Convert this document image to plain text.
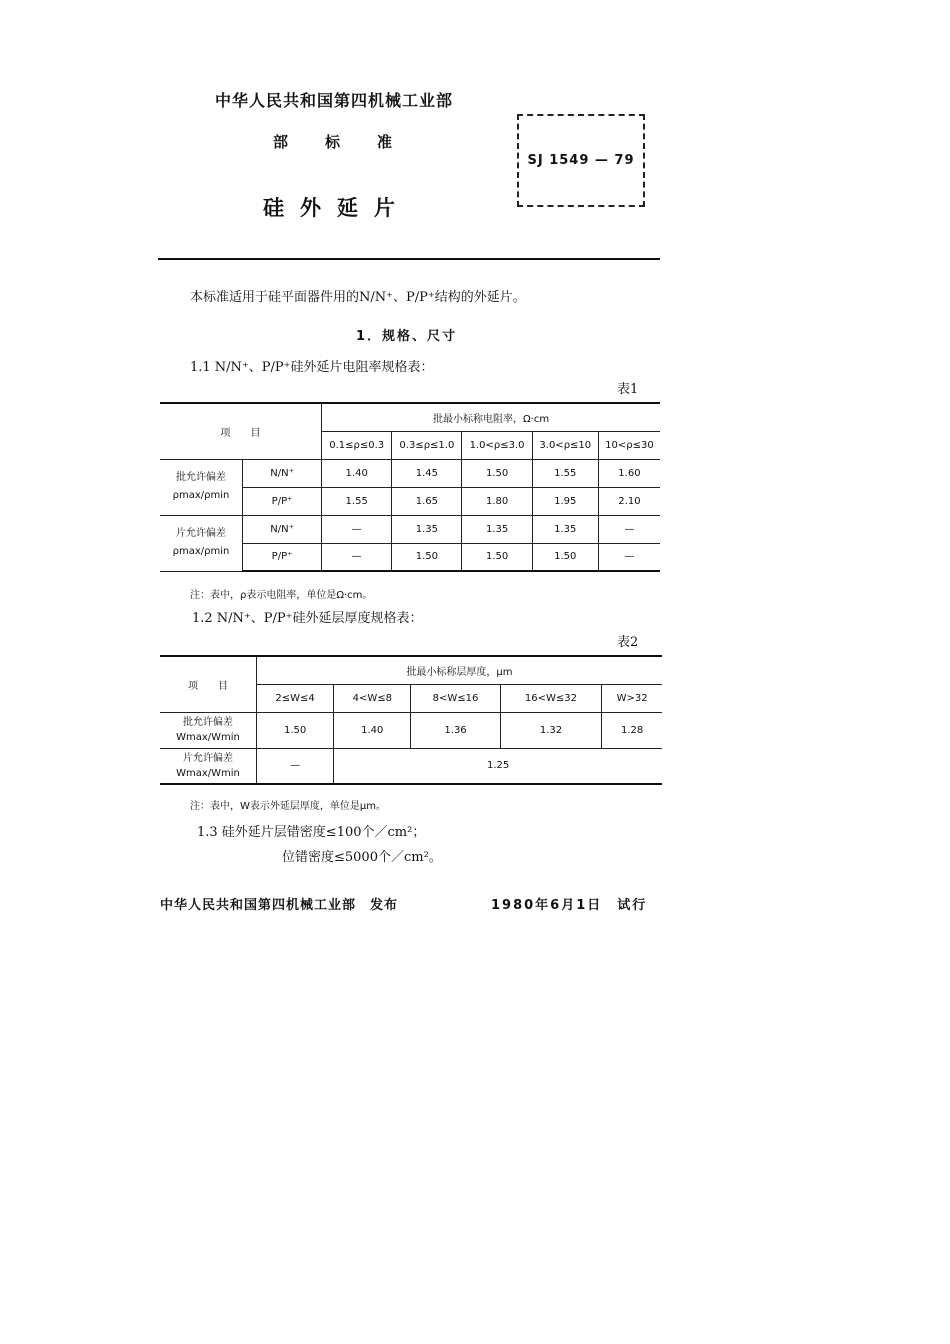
中华人民共和国第四机械工业部
部 标 准
硅外延片
SJ 1549 — 79
本标准适用于硅平面器件用的N/N⁺、P/P⁺结构的外延片。
1．规格、尺寸
1.1 N/N⁺、P/P⁺硅外延片电阻率规格表：
表1
项　　目		批最小标称电阻率，Ω·cm				
		0.1≤ρ≤0.3	0.3≤ρ≤1.0	1.0<ρ≤3.0	3.0<ρ≤10	10<ρ≤30

批允许偏差
ρmax/ρmin	N/N⁺	1.40	1.45	1.50	1.55	1.60
	P/P⁺	1.55	1.65	1.80	1.95	2.10

片允许偏差
ρmax/ρmin	N/N⁺	—	1.35	1.35	1.35	—
	P/P⁺	—	1.50	1.50	1.50	—
注：表中，ρ表示电阻率，单位是Ω·cm。
1.2 N/N⁺、P/P⁺硅外延层厚度规格表：
表2
项　　目	批最小标称层厚度，μm				
	2≤W≤4	4<W≤8	8<W≤16	16<W≤32	W>32

批允许偏差
Wmax/Wmin	1.50	1.40	1.36	1.32	1.28

片允许偏差
Wmax/Wmin	—	1.25			
注：表中，W表示外延层厚度，单位是μm。
1.3 硅外延片层错密度≤100个／cm²；
位错密度≤5000个／cm²。
中华人民共和国第四机械工业部　发布	1980年6月1日　试行
